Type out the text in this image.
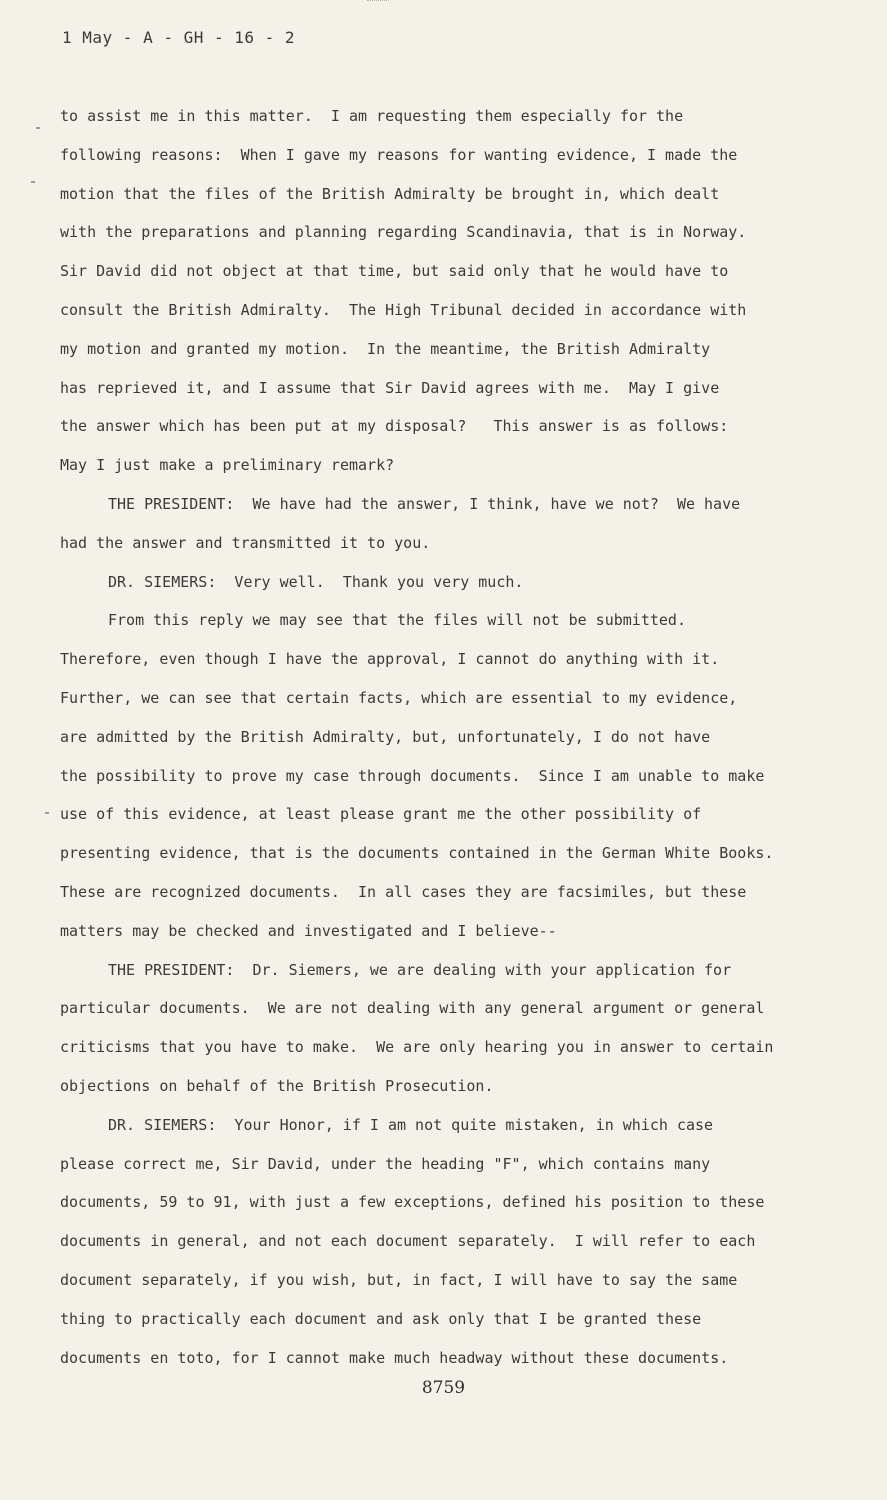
1 May - A - GH - 16 - 2
to assist me in this matter.  I am requesting them especially for the
following reasons:  When I gave my reasons for wanting evidence, I made the
motion that the files of the British Admiralty be brought in, which dealt
with the preparations and planning regarding Scandinavia, that is in Norway.
Sir David did not object at that time, but said only that he would have to
consult the British Admiralty.  The High Tribunal decided in accordance with
my motion and granted my motion.  In the meantime, the British Admiralty
has reprieved it, and I assume that Sir David agrees with me.  May I give
the answer which has been put at my disposal?   This answer is as follows:
May I just make a preliminary remark?
THE PRESIDENT:  We have had the answer, I think, have we not?  We have
had the answer and transmitted it to you.
DR. SIEMERS:  Very well.  Thank you very much.
From this reply we may see that the files will not be submitted.
Therefore, even though I have the approval, I cannot do anything with it.
Further, we can see that certain facts, which are essential to my evidence,
are admitted by the British Admiralty, but, unfortunately, I do not have
the possibility to prove my case through documents.  Since I am unable to make
use of this evidence, at least please grant me the other possibility of
presenting evidence, that is the documents contained in the German White Books.
These are recognized documents.  In all cases they are facsimiles, but these
matters may be checked and investigated and I believe--
THE PRESIDENT:  Dr. Siemers, we are dealing with your application for
particular documents.  We are not dealing with any general argument or general
criticisms that you have to make.  We are only hearing you in answer to certain
objections on behalf of the British Prosecution.
DR. SIEMERS:  Your Honor, if I am not quite mistaken, in which case
please correct me, Sir David, under the heading "F", which contains many
documents, 59 to 91, with just a few exceptions, defined his position to these
documents in general, and not each document separately.  I will refer to each
document separately, if you wish, but, in fact, I will have to say the same
thing to practically each document and ask only that I be granted these
documents en toto, for I cannot make much headway without these documents.
8759
